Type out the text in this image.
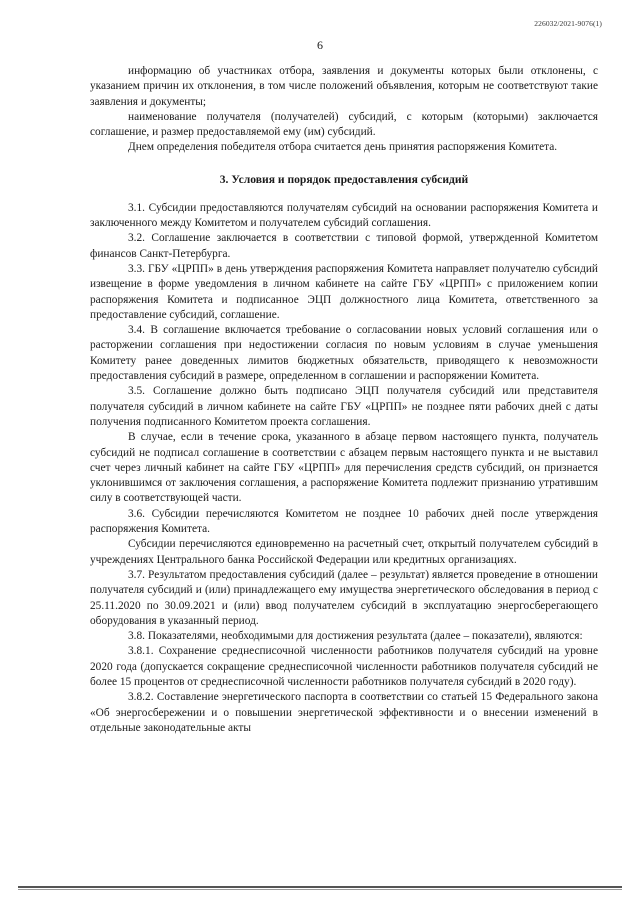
226032/2021-9076(1)
6

информацию об участниках отбора, заявления и документы которых были отклонены, с указанием причин их отклонения, в том числе положений объявления, которым не соответствуют такие заявления и документы;

наименование получателя (получателей) субсидий, с которым (которыми) заключается соглашение, и размер предоставляемой ему (им) субсидий.

Днем определения победителя отбора считается день принятия распоряжения Комитета.

3. Условия и порядок предоставления субсидий

3.1. Субсидии предоставляются получателям субсидий на основании распоряжения Комитета и заключенного между Комитетом и получателем субсидий соглашения.

3.2. Соглашение заключается в соответствии с типовой формой, утвержденной Комитетом финансов Санкт-Петербурга.

3.3. ГБУ «ЦРПП» в день утверждения распоряжения Комитета направляет получателю субсидий извещение в форме уведомления в личном кабинете на сайте ГБУ «ЦРПП» с приложением копии распоряжения Комитета и подписанное ЭЦП должностного лица Комитета, ответственного за предоставление субсидий, соглашение.

3.4. В соглашение включается требование о согласовании новых условий соглашения или о расторжении соглашения при недостижении согласия по новым условиям в случае уменьшения Комитету ранее доведенных лимитов бюджетных обязательств, приводящего к невозможности предоставления субсидий в размере, определенном в соглашении и распоряжении Комитета.

3.5. Соглашение должно быть подписано ЭЦП получателя субсидий или представителя получателя субсидий в личном кабинете на сайте ГБУ «ЦРПП» не позднее пяти рабочих дней с даты получения подписанного Комитетом проекта соглашения.

В случае, если в течение срока, указанного в абзаце первом настоящего пункта, получатель субсидий не подписал соглашение в соответствии с абзацем первым настоящего пункта и не выставил счет через личный кабинет на сайте ГБУ «ЦРПП» для перечисления средств субсидий, он признается уклонившимся от заключения соглашения, а распоряжение Комитета подлежит признанию утратившим силу в соответствующей части.

3.6. Субсидии перечисляются Комитетом не позднее 10 рабочих дней после утверждения распоряжения Комитета.

Субсидии перечисляются единовременно на расчетный счет, открытый получателем субсидий в учреждениях Центрального банка Российской Федерации или кредитных организациях.

3.7. Результатом предоставления субсидий (далее – результат) является проведение в отношении получателя субсидий и (или) принадлежащего ему имущества энергетического обследования в период с 25.11.2020 по 30.09.2021 и (или) ввод получателем субсидий в эксплуатацию энергосберегающего оборудования в указанный период.

3.8. Показателями, необходимыми для достижения результата (далее – показатели), являются:

3.8.1. Сохранение среднесписочной численности работников получателя субсидий на уровне 2020 года (допускается сокращение среднесписочной численности работников получателя субсидий не более 15 процентов от среднесписочной численности работников получателя субсидий в 2020 году).

3.8.2. Составление энергетического паспорта в соответствии со статьей 15 Федерального закона «Об энергосбережении и о повышении энергетической эффективности и о внесении изменений в отдельные законодательные акты
